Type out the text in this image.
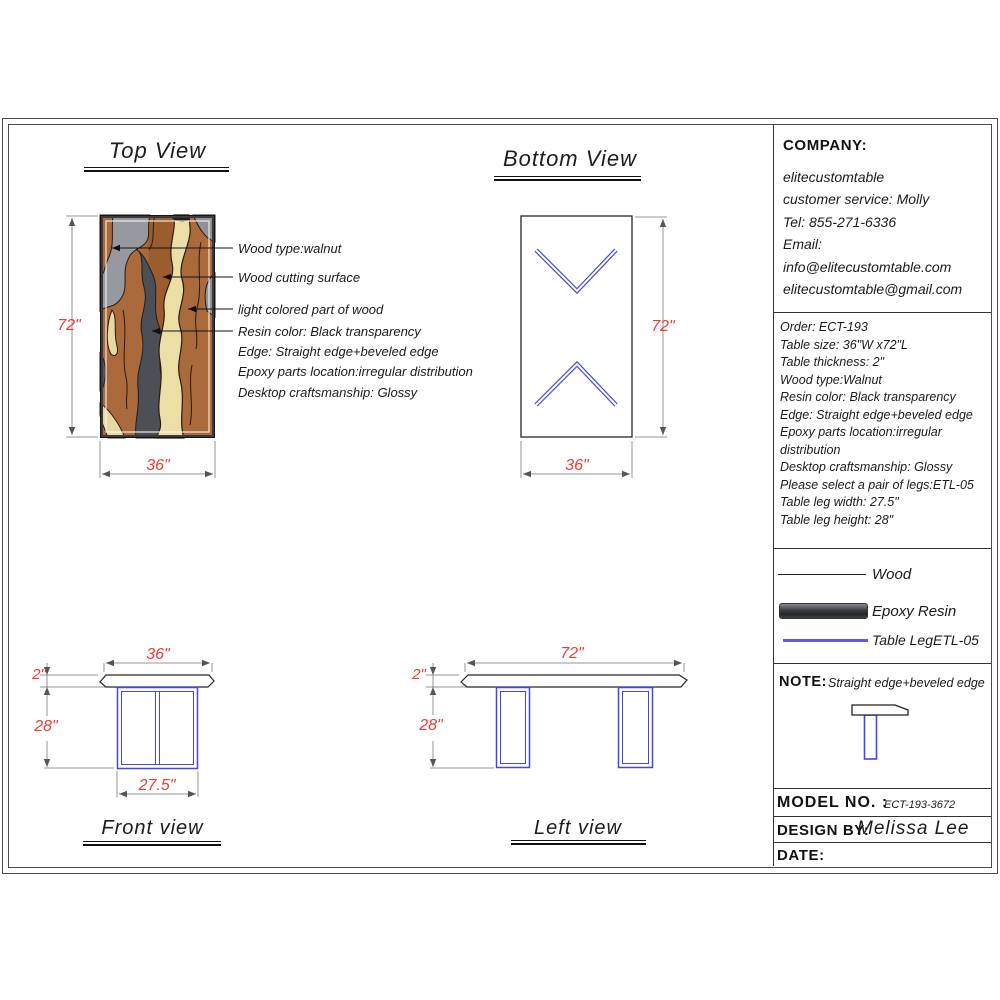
Top View	Bottom View
Front view	Left view
72"
36"
72"
36"
36"
2"
28"
27.5"
72"
2"
28"
Wood type:walnut
Wood cutting surface
light colored part of wood
Resin color: Black transparency
Edge: Straight edge+beveled edge
Epoxy parts location:irregular distribution
Desktop craftsmanship: Glossy
COMPANY:
elitecustomtable
customer service: Molly
Tel: 855-271-6336
Email:
info@elitecustomtable.com
elitecustomtable@gmail.com
Order: ECT-193
Table size: 36"W x72"L
Table thickness: 2"
Wood type:Walnut
Resin color: Black transparency
Edge: Straight edge+beveled edge
Epoxy parts location:irregular distribution
Desktop craftsmanship: Glossy
Please select a pair of legs:ETL-05
Table leg width: 27.5"
Table leg height: 28"
Wood
Epoxy Resin
Table LegETL-05
NOTE: Straight edge+beveled edge
MODEL NO. :
ECT-193-3672
DESIGN BY:
Melissa Lee
DATE:
